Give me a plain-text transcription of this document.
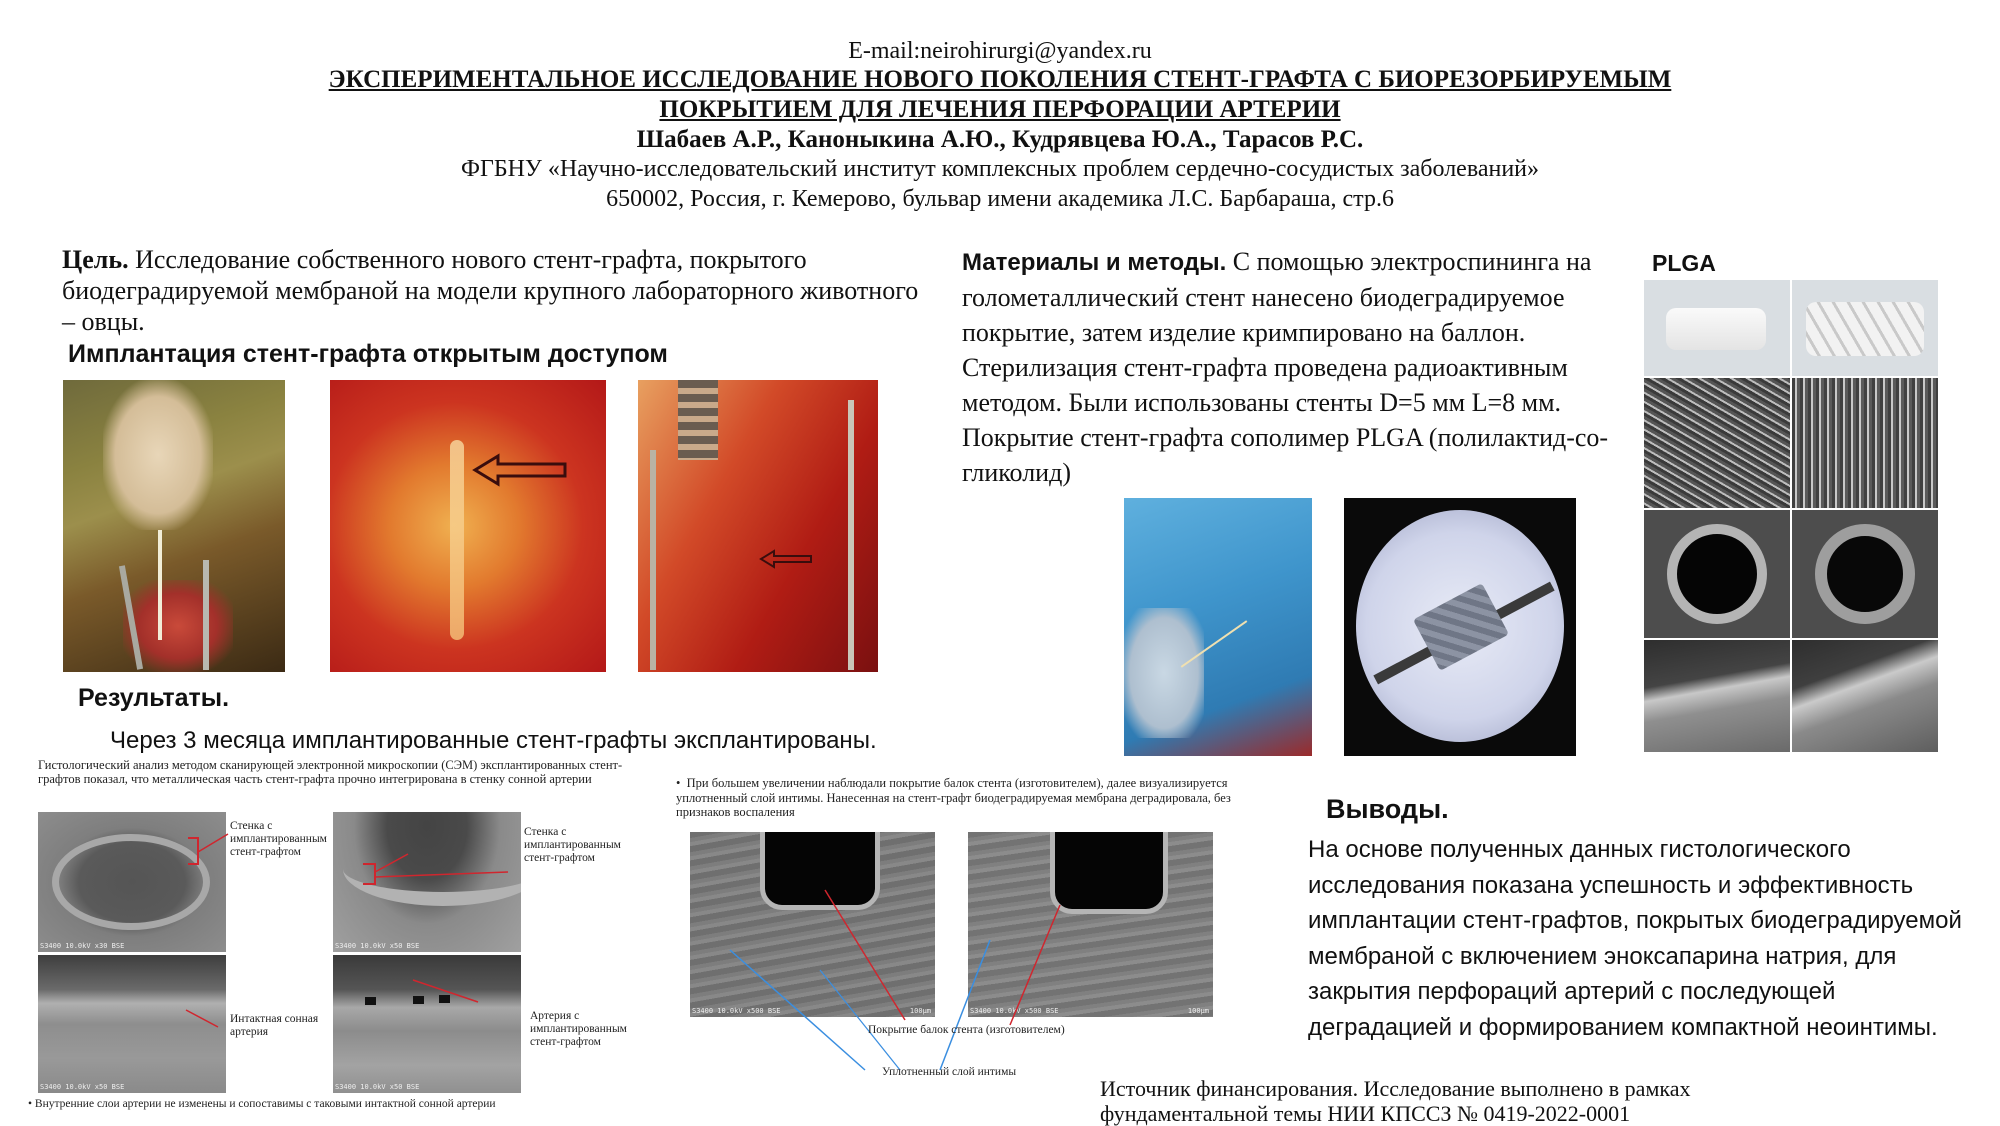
E-mail:neirohirurgi@yandex.ru
ЭКСПЕРИМЕНТАЛЬНОЕ ИССЛЕДОВАНИЕ НОВОГО ПОКОЛЕНИЯ СТЕНТ-ГРАФТА С БИОРЕЗОРБИРУЕМЫМ
ПОКРЫТИЕМ ДЛЯ ЛЕЧЕНИЯ ПЕРФОРАЦИИ АРТЕРИИ
Шабаев А.Р., Каноныкина А.Ю., Кудрявцева Ю.А., Тарасов Р.С.
ФГБНУ «Научно-исследовательский институт комплексных проблем сердечно-сосудистых заболеваний»
650002, Россия, г. Кемерово, бульвар имени академика Л.С. Барбараша, стр.6
Цель. Исследование собственного нового стент-графта, покрытого биодеградируемой мембраной на модели крупного лабораторного животного – овцы.
Имплантация стент-графта открытым доступом
Результаты.
Через 3 месяца имплантированные стент-графты эксплантированы.
Гистологический анализ методом сканирующей электронной микроскопии (СЭМ) эксплантированных стент-графтов показал, что металлическая часть стент-графта прочно интегрирована в стенку сонной артерии
S3400 10.0kV x30 BSE	S3400 10.0kV x50 BSE
S3400 10.0kV x50 BSE	S3400 10.0kV x50 BSE
Стенка с имплантированным стент-графтом
Стенка с имплантированным стент-графтом
Интактная сонная артерия
Артерия с имплантированным стент-графтом
• Внутренние слои артерии не изменены и сопоставимы с таковыми интактной сонной артерии
•  При большем увеличении наблюдали покрытие балок стента (изготовителем), далее визуализируется уплотненный слой интимы. Нанесенная на стент-графт биодеградируемая мембрана деградировала, без признаков воспаления
S3400 10.0kV x500 BSE	100µm	S3400 10.0kV x500 BSE	100µm
Покрытие балок стента (изготовителем)
Уплотненный слой интимы
Материалы и методы. С помощью электроспининга на голометаллический стент нанесено биодеградируемое покрытие, затем изделие кримпировано на баллон. Стерилизация стент-графта проведена радиоактивным методом. Были использованы стенты D=5 мм L=8 мм. Покрытие стент-графта сополимер PLGA (полилактид-со-гликолид)
PLGA
Выводы.
На основе полученных данных гистологического исследования показана успешность и эффективность имплантации стент-графтов, покрытых биодеградируемой мембраной с включением эноксапарина натрия, для закрытия перфораций артерий с последующей деградацией и формированием компактной неоинтимы.
Источник финансирования. Исследование выполнено в рамках
фундаментальной темы НИИ КПССЗ № 0419-2022-0001
